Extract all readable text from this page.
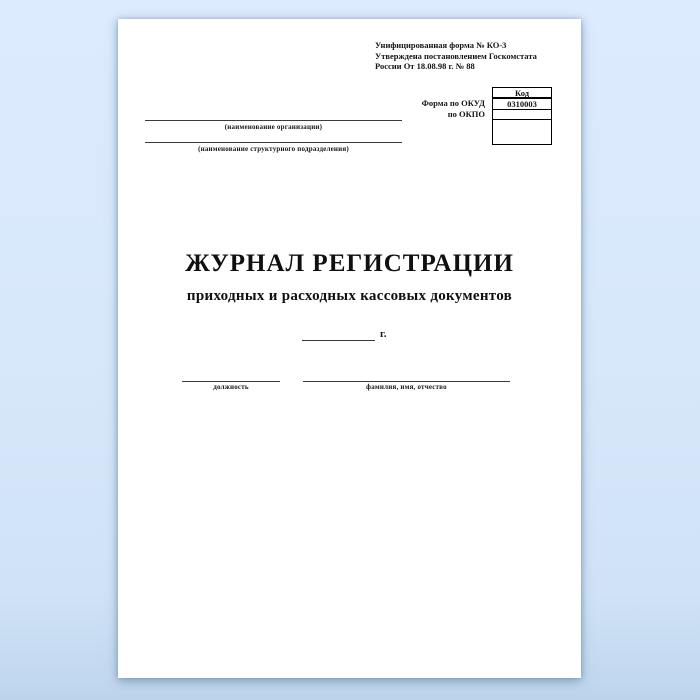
Унифицированная форма № КО-3
Утверждена постановлением Госкомстата
России От 18.08.98 г. № 88
Форма по ОКУД
по ОКПО
Код
0310003
(наименование организации)
(наименование структурного подразделения)
ЖУРНАЛ РЕГИСТРАЦИИ
приходных и расходных кассовых документов
г.
должность	фамилия, имя, отчество
